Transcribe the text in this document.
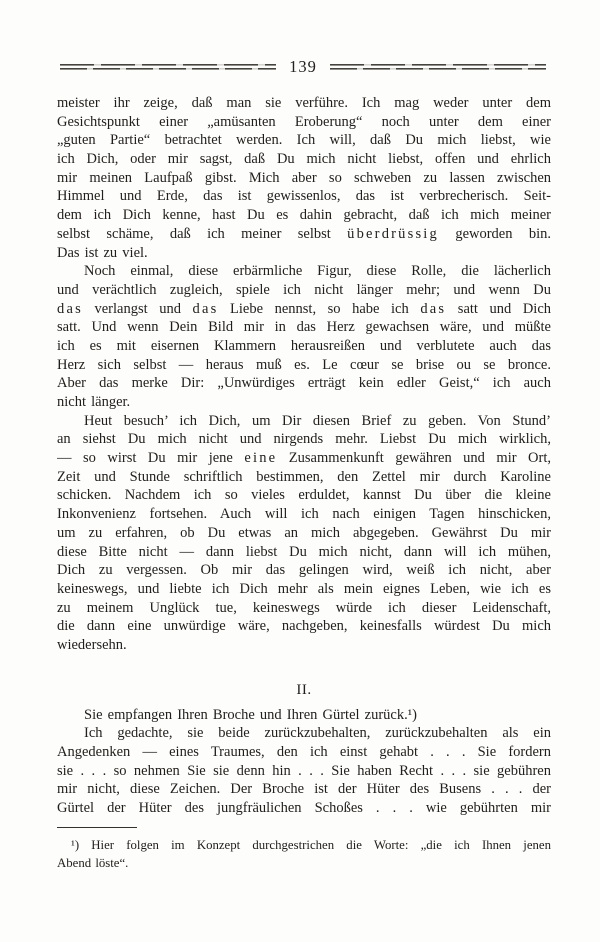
139
meister ihr zeige, daß man sie verführe. Ich mag weder unter dem
Gesichtspunkt einer „amüsanten Eroberung“ noch unter dem einer
„guten Partie“ betrachtet werden. Ich will, daß Du mich liebst, wie
ich Dich, oder mir sagst, daß Du mich nicht liebst, offen und ehrlich
mir meinen Laufpaß gibst. Mich aber so schweben zu lassen zwischen
Himmel und Erde, das ist gewissenlos, das ist verbrecherisch. Seit-
dem ich Dich kenne, hast Du es dahin gebracht, daß ich mich meiner
selbst schäme, daß ich meiner selbst überdrüssig geworden bin.
Das ist zu viel.
Noch einmal, diese erbärmliche Figur, diese Rolle, die lächerlich
und verächtlich zugleich, spiele ich nicht länger mehr; und wenn Du
das verlangst und das Liebe nennst, so habe ich das satt und Dich
satt. Und wenn Dein Bild mir in das Herz gewachsen wäre, und müßte
ich es mit eisernen Klammern herausreißen und verblutete auch das
Herz sich selbst — heraus muß es. Le cœur se brise ou se bronce.
Aber das merke Dir: „Unwürdiges erträgt kein edler Geist,“ ich auch
nicht länger.
Heut besuch’ ich Dich, um Dir diesen Brief zu geben. Von Stund’
an siehst Du mich nicht und nirgends mehr. Liebst Du mich wirklich,
— so wirst Du mir jene eine Zusammenkunft gewähren und mir Ort,
Zeit und Stunde schriftlich bestimmen, den Zettel mir durch Karoline
schicken. Nachdem ich so vieles erduldet, kannst Du über die kleine
Inkonvenienz fortsehen. Auch will ich nach einigen Tagen hinschicken,
um zu erfahren, ob Du etwas an mich abgegeben. Gewährst Du mir
diese Bitte nicht — dann liebst Du mich nicht, dann will ich mühen,
Dich zu vergessen. Ob mir das gelingen wird, weiß ich nicht, aber
keineswegs, und liebte ich Dich mehr als mein eignes Leben, wie ich es
zu meinem Unglück tue, keineswegs würde ich dieser Leidenschaft,
die dann eine unwürdige wäre, nachgeben, keinesfalls würdest Du mich
wiedersehn.
II.
Sie empfangen Ihren Broche und Ihren Gürtel zurück.¹)
Ich gedachte, sie beide zurückzubehalten, zurückzubehalten als ein
Angedenken — eines Traumes, den ich einst gehabt . . . Sie fordern
sie . . . so nehmen Sie sie denn hin . . . Sie haben Recht . . . sie gebühren
mir nicht, diese Zeichen. Der Broche ist der Hüter des Busens . . . der
Gürtel der Hüter des jungfräulichen Schoßes . . . wie gebührten mir
¹) Hier folgen im Konzept durchgestrichen die Worte: „die ich Ihnen jenen
Abend löste“.
